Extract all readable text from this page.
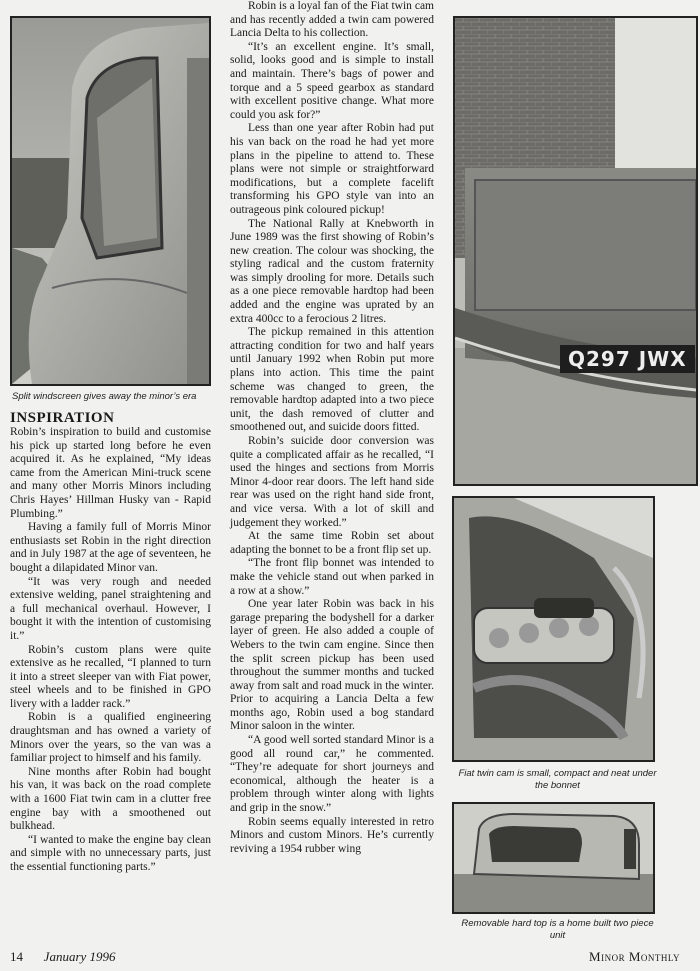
Split windscreen gives away the minor’s era
INSPIRATION

Robin’s inspiration to build and customise his pick up started long before he even acquired it. As he explained, “My ideas came from the American Mini-truck scene and many other Morris Minors including Chris Hayes’ Hillman Husky van - Rapid Plumbing.”

Having a family full of Morris Minor enthusiasts set Robin in the right direction and in July 1987 at the age of seventeen, he bought a dilapidated Minor van.

“It was very rough and needed extensive welding, panel straightening and a full mechanical overhaul. However, I bought it with the intention of customising it.”

Robin’s custom plans were quite extensive as he recalled, “I planned to turn it into a street sleeper van with Fiat power, steel wheels and to be finished in GPO livery with a ladder rack.”

Robin is a qualified engineering draughtsman and has owned a variety of Minors over the years, so the van was a familiar project to himself and his family.

Nine months after Robin had bought his van, it was back on the road complete with a 1600 Fiat twin cam in a clutter free engine bay with a smoothened out bulkhead.

“I wanted to make the engine bay clean and simple with no unnecessary parts, just the essential functioning parts.”

Robin is a loyal fan of the Fiat twin cam and has recently added a twin cam powered Lancia Delta to his collection.

“It’s an excellent engine. It’s small, solid, looks good and is simple to install and maintain. There’s bags of power and torque and a 5 speed gearbox as standard with excellent positive change. What more could you ask for?”

Less than one year after Robin had put his van back on the road he had yet more plans in the pipeline to attend to. These plans were not simple or straightforward modifications, but a complete facelift transforming his GPO style van into an outrageous pink coloured pickup!

The National Rally at Knebworth in June 1989 was the first showing of Robin’s new creation. The colour was shocking, the styling radical and the custom fraternity was simply drooling for more. Details such as a one piece removable hardtop had been added and the engine was uprated by an extra 400cc to a ferocious 2 litres.

The pickup remained in this attention attracting condition for two and half years until January 1992 when Robin put more plans into action. This time the paint scheme was changed to green, the removable hardtop adapted into a two piece unit, the dash removed of clutter and smoothened out, and suicide doors fitted.

Robin’s suicide door conversion was quite a complicated affair as he recalled, “I used the hinges and sections from Morris Minor 4-door rear doors. The left hand side rear was used on the right hand side front, and vice versa. With a lot of skill and judgement they worked.”

At the same time Robin set about adapting the bonnet to be a front flip set up.

“The front flip bonnet was intended to make the vehicle stand out when parked in a row at a show.”

One year later Robin was back in his garage preparing the bodyshell for a darker layer of green. He also added a couple of Webers to the twin cam engine. Since then the split screen pickup has been used throughout the summer months and tucked away from salt and road muck in the winter. Prior to acquiring a Lancia Delta a few months ago, Robin used a bog standard Minor saloon in the winter.

“A good well sorted standard Minor is a good all round car,” he commented. “They’re adequate for short journeys and economical, although the heater is a problem through winter along with lights and grip in the snow.”

Robin seems equally interested in retro Minors and custom Minors. He’s currently reviving a 1954 rubber wing

Q297 JWX
Fiat twin cam is small, compact and neat under the bonnet
Removable hard top is a home built two piece unit
14 January 1996	Minor Monthly
